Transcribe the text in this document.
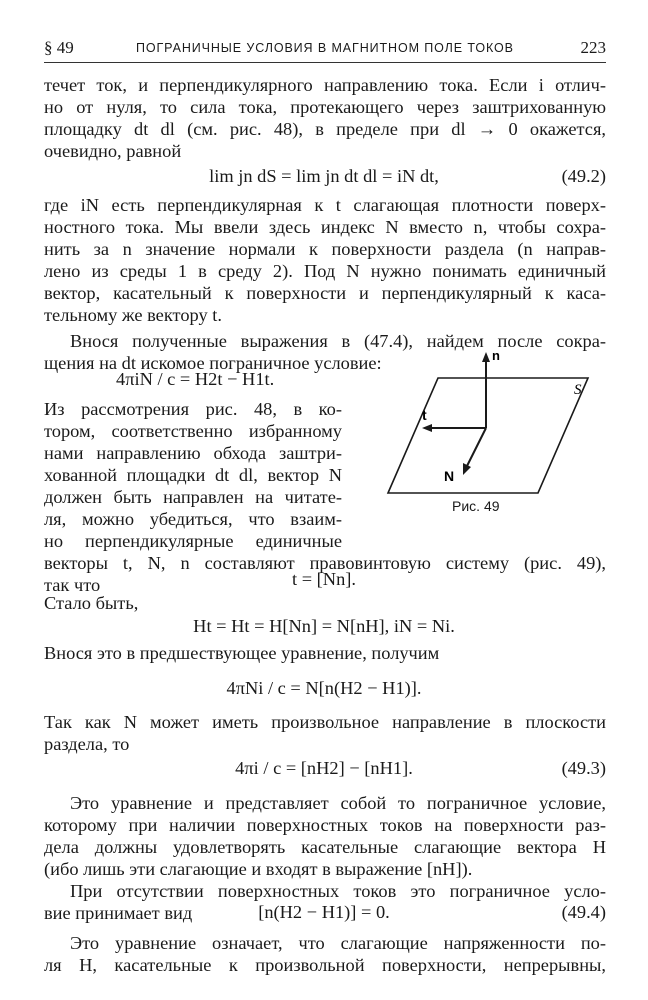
§ 49	ПОГРАНИЧНЫЕ УСЛОВИЯ В МАГНИТНОМ ПОЛЕ ТОКОВ	223
течет ток, и перпендикулярного направлению тока. Если i отлич-
но от нуля, то сила тока, протекающего через заштрихованную
площадку dt dl (см. рис. 48), в пределе при dl → 0 окажется,
очевидно, равной
lim jn dS = lim jn dt dl = iN dt,	(49.2)
где iN есть перпендикулярная к t слагающая плотности поверх-
ностного тока. Мы ввели здесь индекс N вместо n, чтобы сохра-
нить за n значение нормали к поверхности раздела (n направ-
лено из среды 1 в среду 2). Под N нужно понимать единичный
вектор, касательный к поверхности и перпендикулярный к каса-
тельному же вектору t.
Внося полученные выражения в (47.4), найдем после сокра-
щения на dt искомое пограничное условие:
4πiN / c = H2t − H1t.
Из рассмотрения рис. 48, в ко-
тором, соответственно избранному
нами направлению обхода заштри-
хованной площадки dt dl, вектор N
должен быть направлен на читате-
ля, можно убедиться, что взаим-
но перпендикулярные единичные
n
S
t
N
Рис. 49
векторы t, N, n составляют правовинтовую систему (рис. 49),
так что	t = [Nn].
Стало быть,
Ht = Ht = H[Nn] = N[nH], iN = Ni.
Внося это в предшествующее уравнение, получим
4πNi / c = N[n(H2 − H1)].
Так как N может иметь произвольное направление в плоскости
раздела, то
4πi / c = [nH2] − [nH1].	(49.3)
Это уравнение и представляет собой то пограничное условие,
которому при наличии поверхностных токов на поверхности раз-
дела должны удовлетворять касательные слагающие вектора H
(ибо лишь эти слагающие и входят в выражение [nH]).
При отсутствии поверхностных токов это пограничное усло-
вие принимает вид	[n(H2 − H1)] = 0.	(49.4)
Это уравнение означает, что слагающие напряженности по-
ля H, касательные к произвольной поверхности, непрерывны,
